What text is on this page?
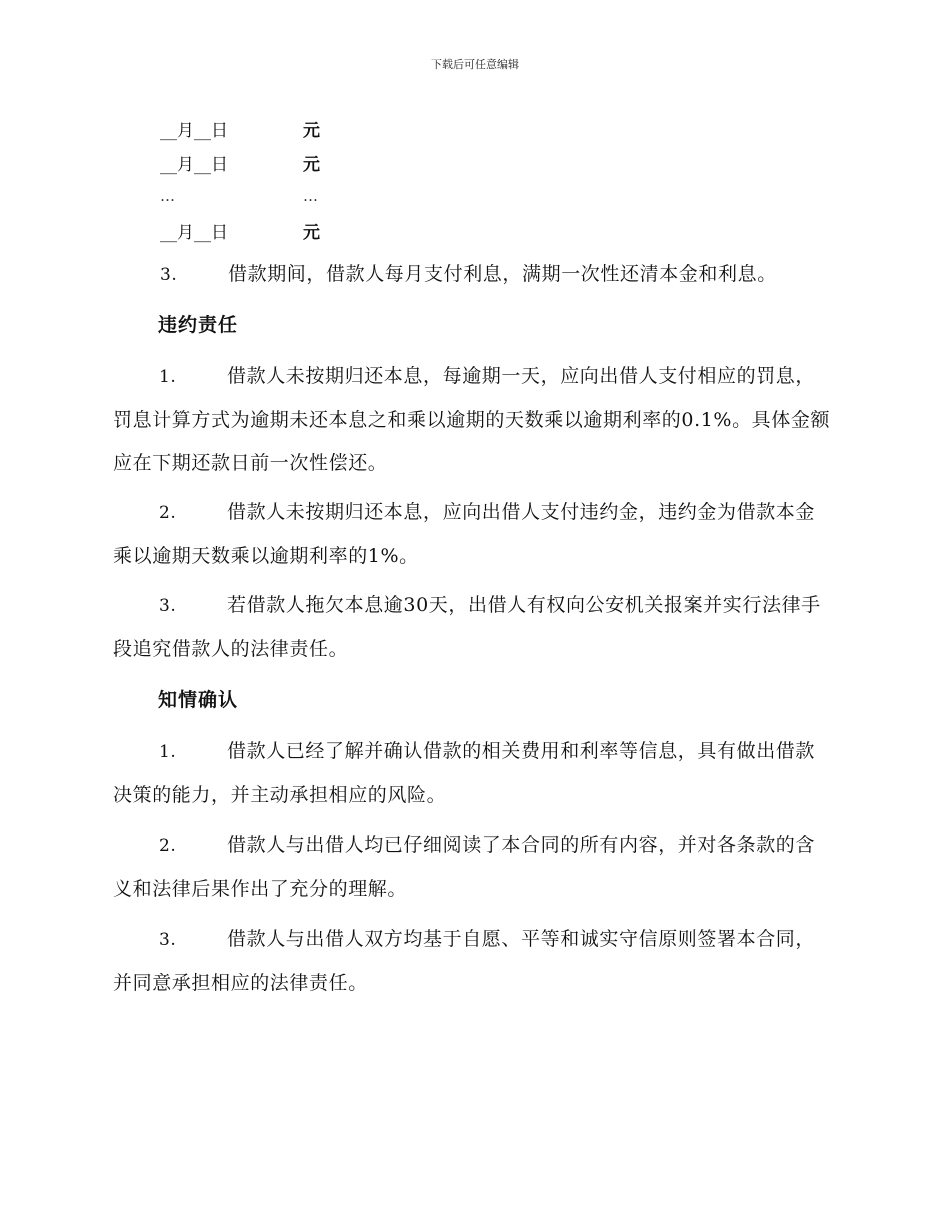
下载后可任意编辑
__月__日	元
__月__日	元
…	…
__月__日	元
3.	借款期间，借款人每月支付利息，满期一次性还清本金和利息。
违约责任
1.	借款人未按期归还本息，每逾期一天，应向出借人支付相应的罚息，罚息计算方式为逾期未还本息之和乘以逾期的天数乘以逾期利率的0.1%。具体金额应在下期还款日前一次性偿还。
2.	借款人未按期归还本息，应向出借人支付违约金，违约金为借款本金乘以逾期天数乘以逾期利率的1%。
3.	若借款人拖欠本息逾30天，出借人有权向公安机关报案并实行法律手段追究借款人的法律责任。
知情确认
1.	借款人已经了解并确认借款的相关费用和利率等信息，具有做出借款决策的能力，并主动承担相应的风险。
2.	借款人与出借人均已仔细阅读了本合同的所有内容，并对各条款的含义和法律后果作出了充分的理解。
3.	借款人与出借人双方均基于自愿、平等和诚实守信原则签署本合同，并同意承担相应的法律责任。
